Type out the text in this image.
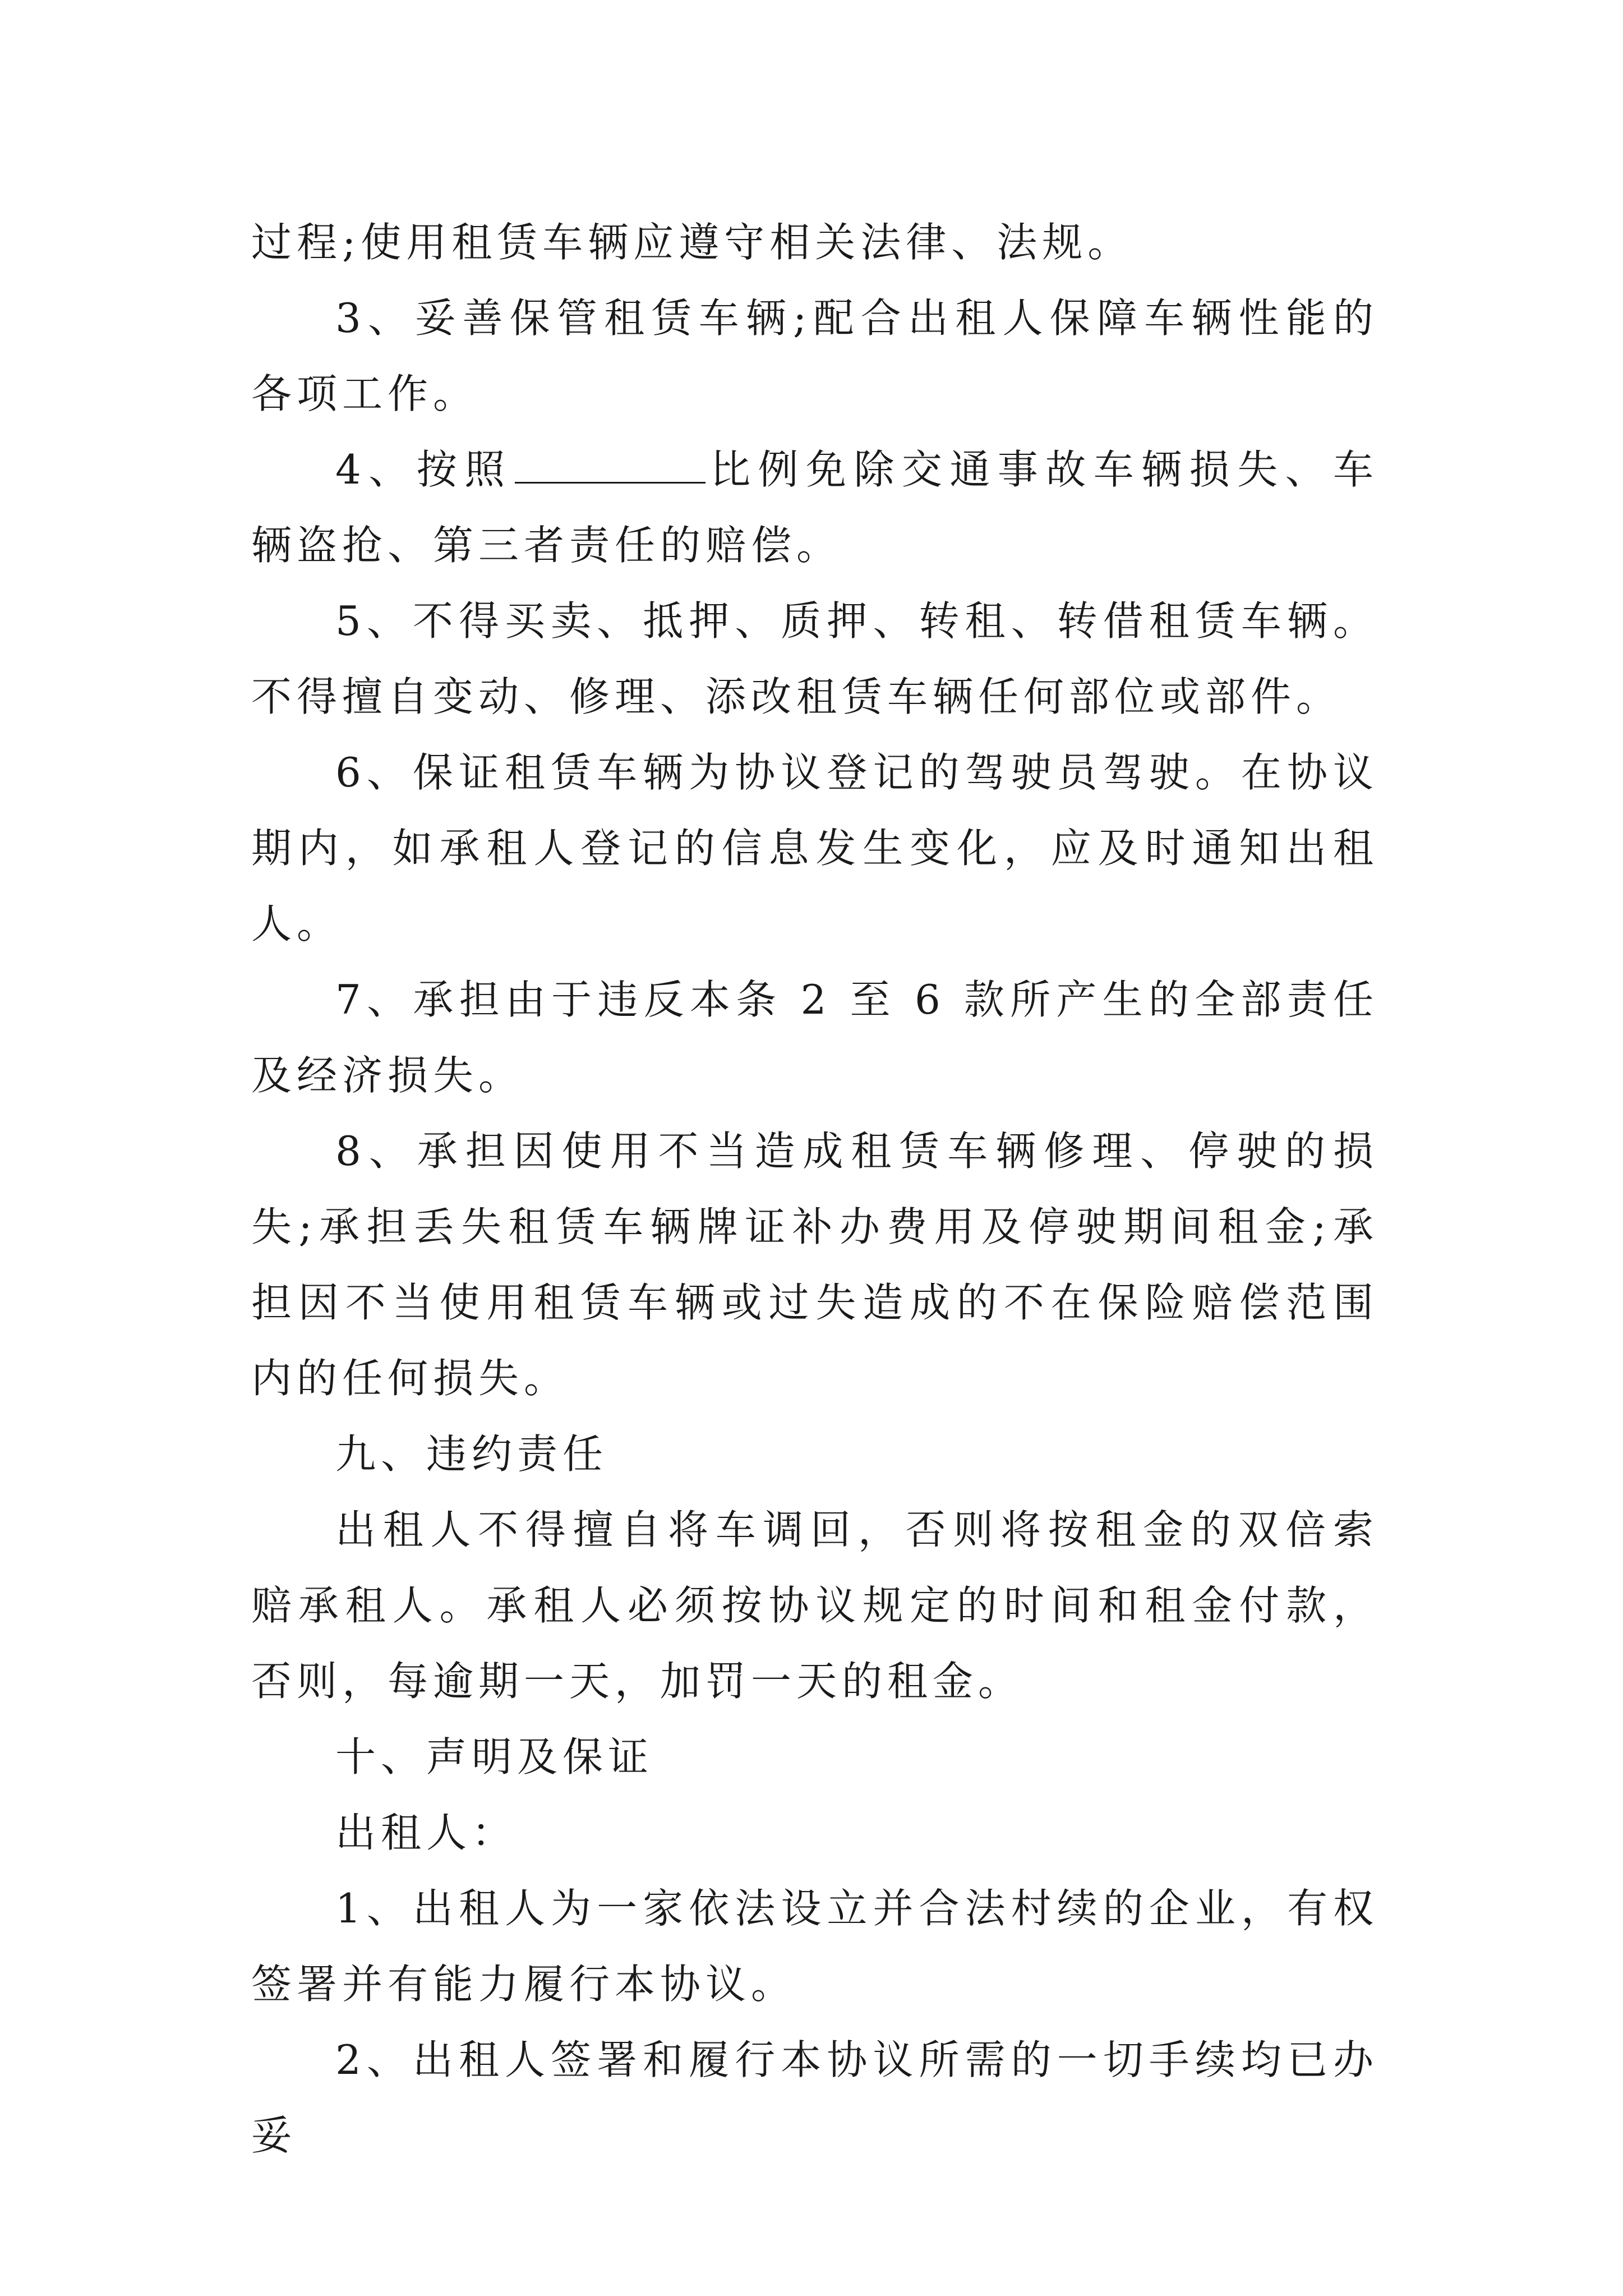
过程;使用租赁车辆应遵守相关法律、法规。

3、妥善保管租赁车辆;配合出租人保障车辆性能的各项工作。

4、按照	比例免除交通事故车辆损失、车辆盗抢、第三者责任的赔偿。

5、不得买卖、抵押、质押、转租、转借租赁车辆。不得擅自变动、修理、添改租赁车辆任何部位或部件。

6、保证租赁车辆为协议登记的驾驶员驾驶。在协议期内，如承租人登记的信息发生变化，应及时通知出租人。

7、承担由于违反本条 2 至 6 款所产生的全部责任及经济损失。

8、承担因使用不当造成租赁车辆修理、停驶的损失;承担丢失租赁车辆牌证补办费用及停驶期间租金;承担因不当使用租赁车辆或过失造成的不在保险赔偿范围内的任何损失。

九、违约责任

出租人不得擅自将车调回，否则将按租金的双倍索赔承租人。承租人必须按协议规定的时间和租金付款，否则，每逾期一天，加罚一天的租金。

十、声明及保证

出租人：

1、出租人为一家依法设立并合法村续的企业，有权签署并有能力履行本协议。

2、出租人签署和履行本协议所需的一切手续均已办妥
